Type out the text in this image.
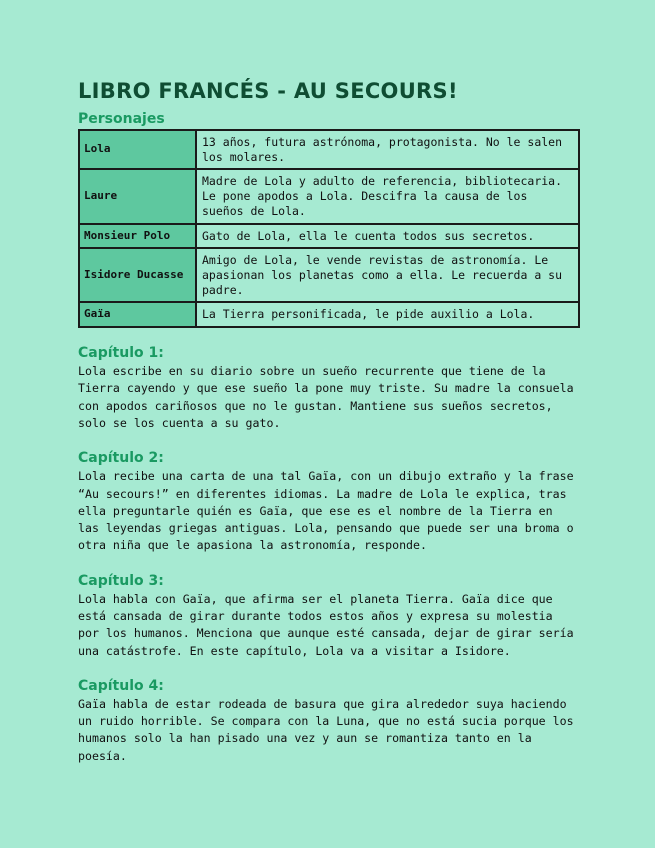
LIBRO FRANCÉS - AU SECOURS!
Personajes
Lola	13 años, futura astrónoma, protagonista. No le salen los molares.
Laure	Madre de Lola y adulto de referencia, bibliotecaria. Le pone apodos a Lola. Descifra la causa de los sueños de Lola.
Monsieur Polo	Gato de Lola, ella le cuenta todos sus secretos.
Isidore Ducasse	Amigo de Lola, le vende revistas de astronomía. Le apasionan los planetas como a ella. Le recuerda a su padre.
Gaïa	La Tierra personificada, le pide auxilio a Lola.
Capítulo 1:

Lola escribe en su diario sobre un sueño recurrente que tiene de la Tierra cayendo y que ese sueño la pone muy triste. Su madre la consuela con apodos cariñosos que no le gustan. Mantiene sus sueños secretos, solo se los cuenta a su gato.

Capítulo 2:

Lola recibe una carta de una tal Gaïa, con un dibujo extraño y la frase “Au secours!” en diferentes idiomas. La madre de Lola le explica, tras ella preguntarle quién es Gaïa, que ese es el nombre de la Tierra en las leyendas griegas antiguas. Lola, pensando que puede ser una broma o otra niña que le apasiona la astronomía, responde.

Capítulo 3:

Lola habla con Gaïa, que afirma ser el planeta Tierra. Gaïa dice que está cansada de girar durante todos estos años y expresa su molestia por los humanos. Menciona que aunque esté cansada, dejar de girar sería una catástrofe. En este capítulo, Lola va a visitar a Isidore.

Capítulo 4:

Gaïa habla de estar rodeada de basura que gira alrededor suya haciendo un ruido horrible. Se compara con la Luna, que no está sucia porque los humanos solo la han pisado una vez y aun se romantiza tanto en la poesía.
